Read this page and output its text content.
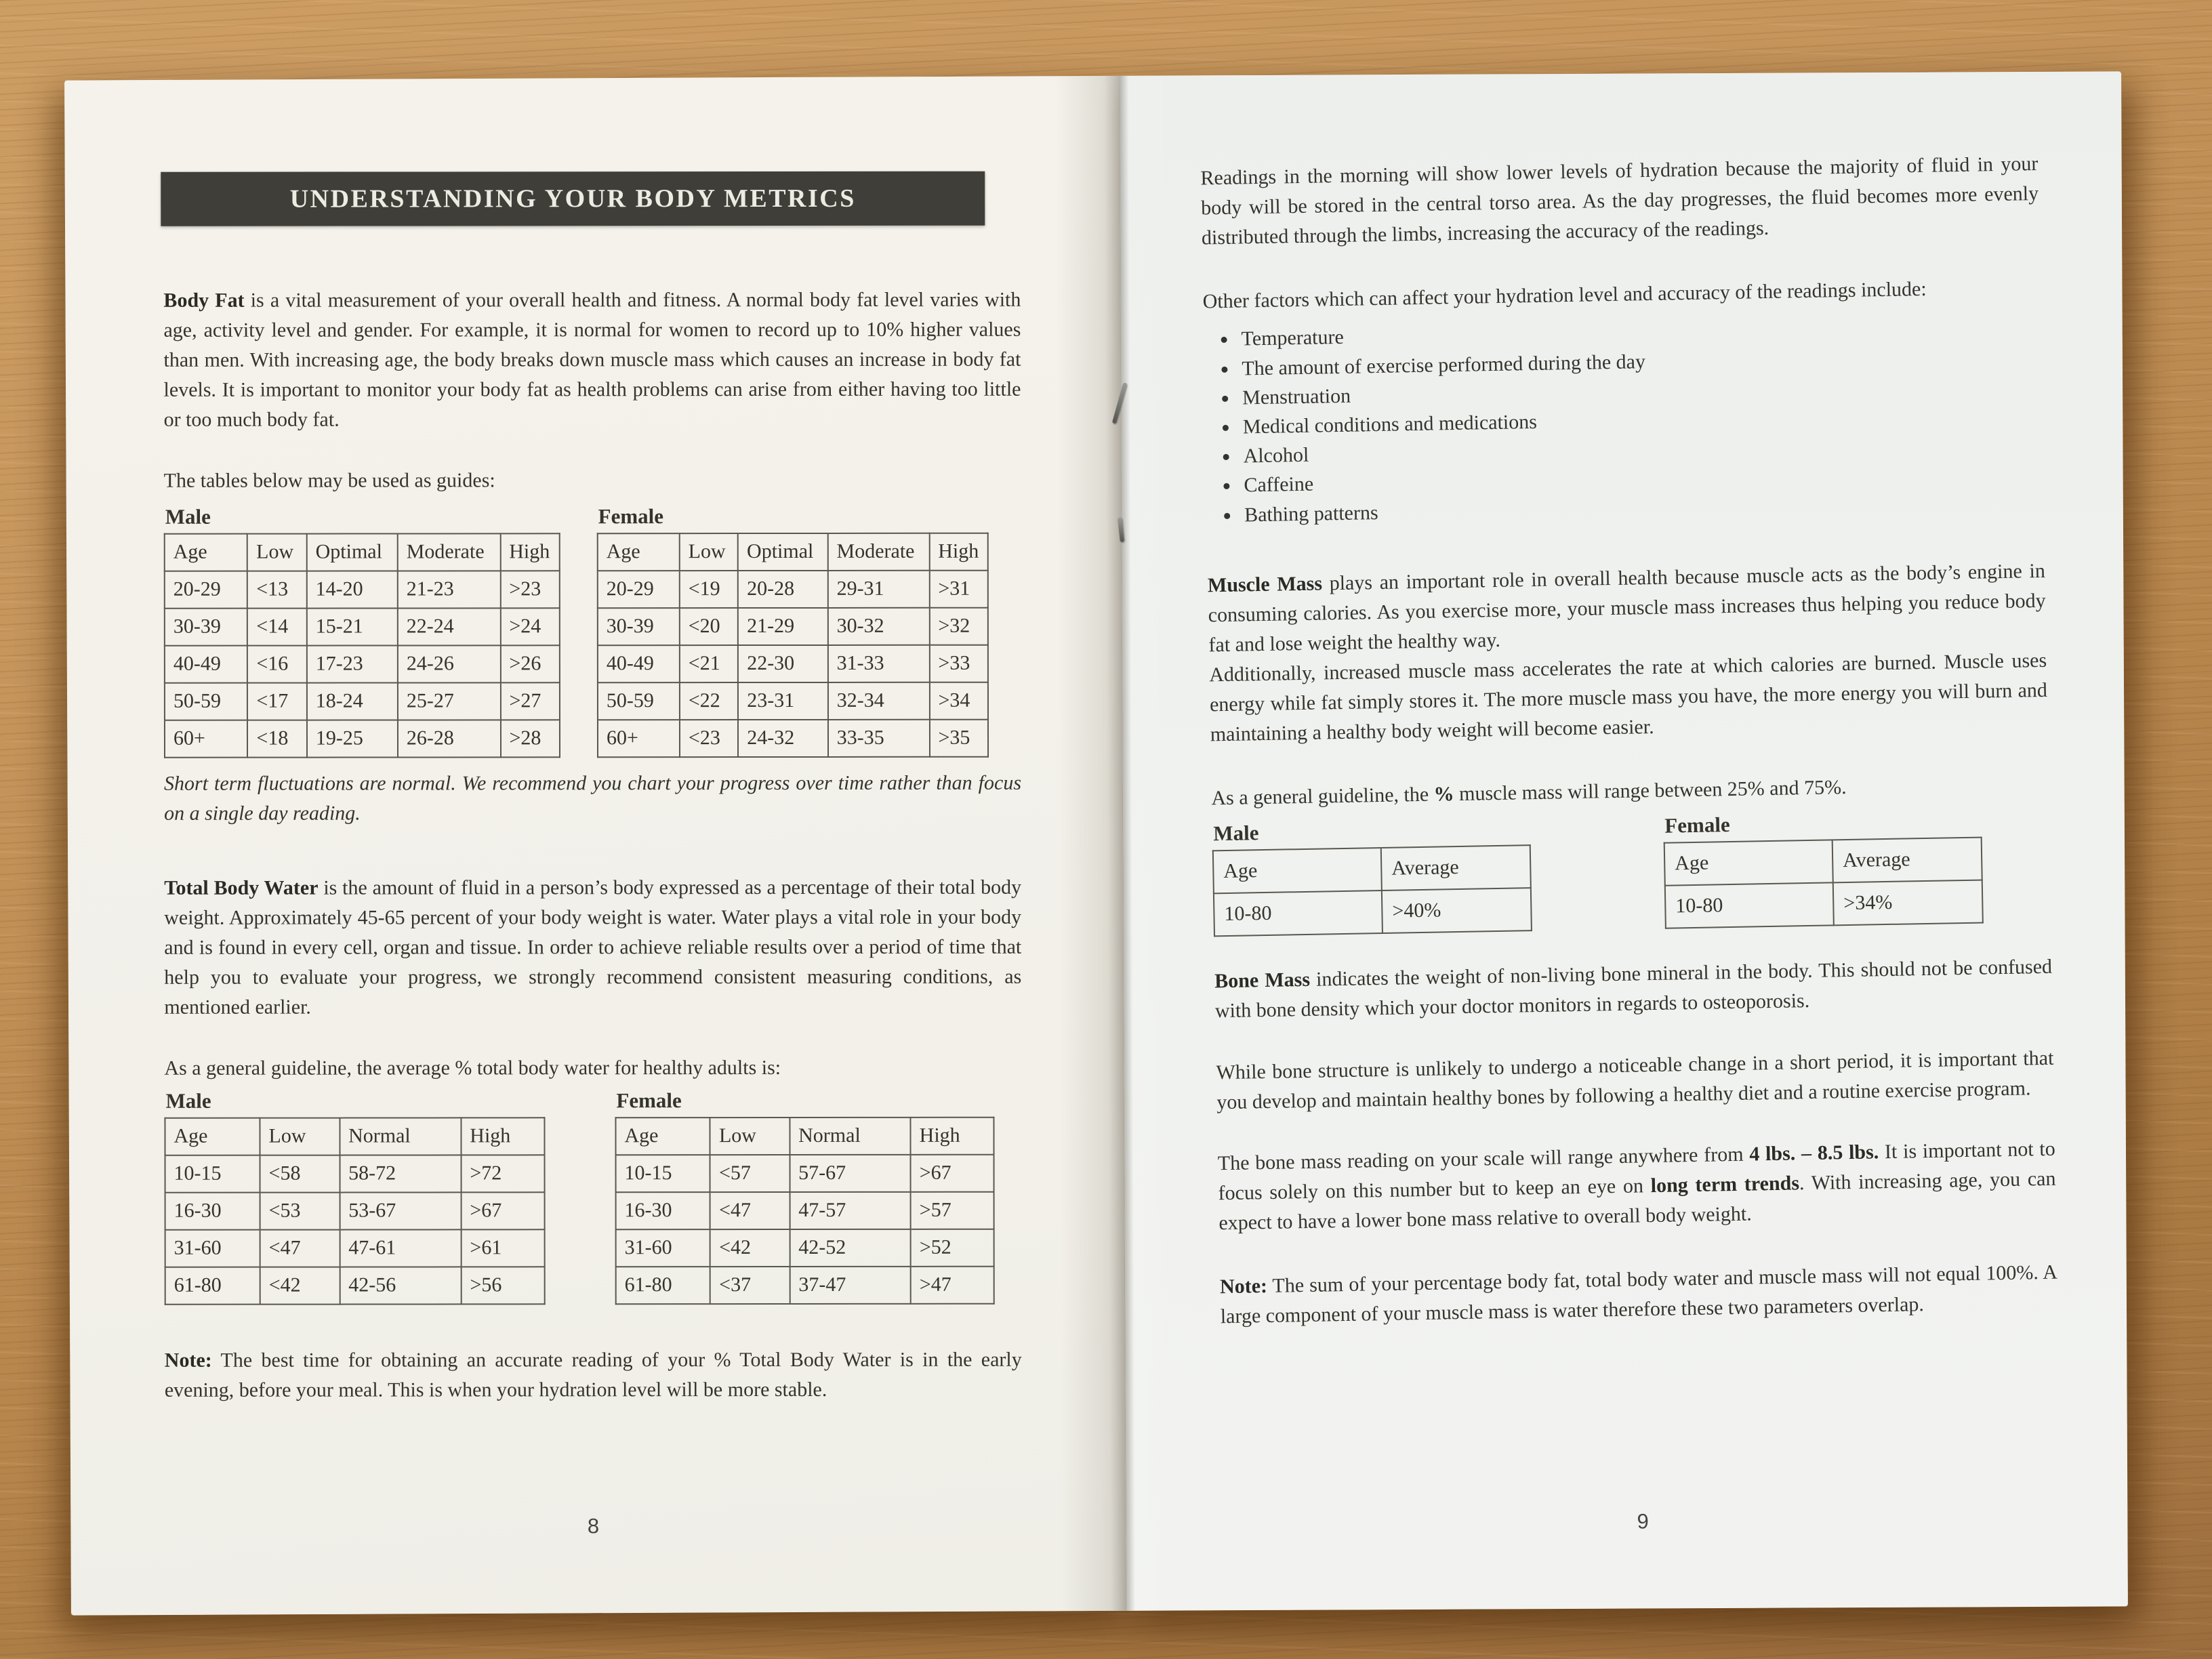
UNDERSTANDING YOUR BODY METRICS

Body Fat is a vital measurement of your overall health and fitness. A normal body fat level varies with age, activity level and gender. For example, it is normal for women to record up to 10% higher values than men. With increasing age, the body breaks down muscle mass which causes an increase in body fat levels. It is important to monitor your body fat as health problems can arise from either having too little or too much body fat.

The tables below may be used as guides:

Male
Age	Low	Optimal	Moderate	High
20-29	<13	14-20	21-23	>23
30-39	<14	15-21	22-24	>24
40-49	<16	17-23	24-26	>26
50-59	<17	18-24	25-27	>27
60+	<18	19-25	26-28	>28
Female
Age	Low	Optimal	Moderate	High
20-29	<19	20-28	29-31	>31
30-39	<20	21-29	30-32	>32
40-49	<21	22-30	31-33	>33
50-59	<22	23-31	32-34	>34
60+	<23	24-32	33-35	>35

Short term fluctuations are normal. We recommend you chart your progress over time rather than focus on a single day reading.

Total Body Water is the amount of fluid in a person’s body expressed as a percentage of their total body weight. Approximately 45-65 percent of your body weight is water. Water plays a vital role in your body and is found in every cell, organ and tissue. In order to achieve reliable results over a period of time that help you to evaluate your progress, we strongly recommend consistent measuring conditions, as mentioned earlier.

As a general guideline, the average % total body water for healthy adults is:

Male
Age	Low	Normal	High
10-15	<58	58-72	>72
16-30	<53	53-67	>67
31-60	<47	47-61	>61
61-80	<42	42-56	>56
Female
Age	Low	Normal	High
10-15	<57	57-67	>67
16-30	<47	47-57	>57
31-60	<42	42-52	>52
61-80	<37	37-47	>47

Note: The best time for obtaining an accurate reading of your % Total Body Water is in the early evening, before your meal. This is when your hydration level will be more stable.

8

Readings in the morning will show lower levels of hydration because the majority of fluid in your body will be stored in the central torso area. As the day progresses, the fluid becomes more evenly distributed through the limbs, increasing the accuracy of the readings.

Other factors which can affect your hydration level and accuracy of the readings include:

• Temperature
• The amount of exercise performed during the day
• Menstruation
• Medical conditions and medications
• Alcohol
• Caffeine
• Bathing patterns

Muscle Mass plays an important role in overall health because muscle acts as the body’s engine in consuming calories. As you exercise more, your muscle mass increases thus helping you reduce body fat and lose weight the healthy way.

Additionally, increased muscle mass accelerates the rate at which calories are burned. Muscle uses energy while fat simply stores it. The more muscle mass you have, the more energy you will burn and maintaining a healthy body weight will become easier.

As a general guideline, the % muscle mass will range between 25% and 75%.

Male
Age	Average
10-80	>40%
Female
Age	Average
10-80	>34%

Bone Mass indicates the weight of non-living bone mineral in the body. This should not be confused with bone density which your doctor monitors in regards to osteoporosis.

While bone structure is unlikely to undergo a noticeable change in a short period, it is important that you develop and maintain healthy bones by following a healthy diet and a routine exercise program.

The bone mass reading on your scale will range anywhere from 4 lbs. – 8.5 lbs. It is important not to focus solely on this number but to keep an eye on long term trends. With increasing age, you can expect to have a lower bone mass relative to overall body weight.

Note: The sum of your percentage body fat, total body water and muscle mass will not equal 100%. A large component of your muscle mass is water therefore these two parameters overlap.

9
